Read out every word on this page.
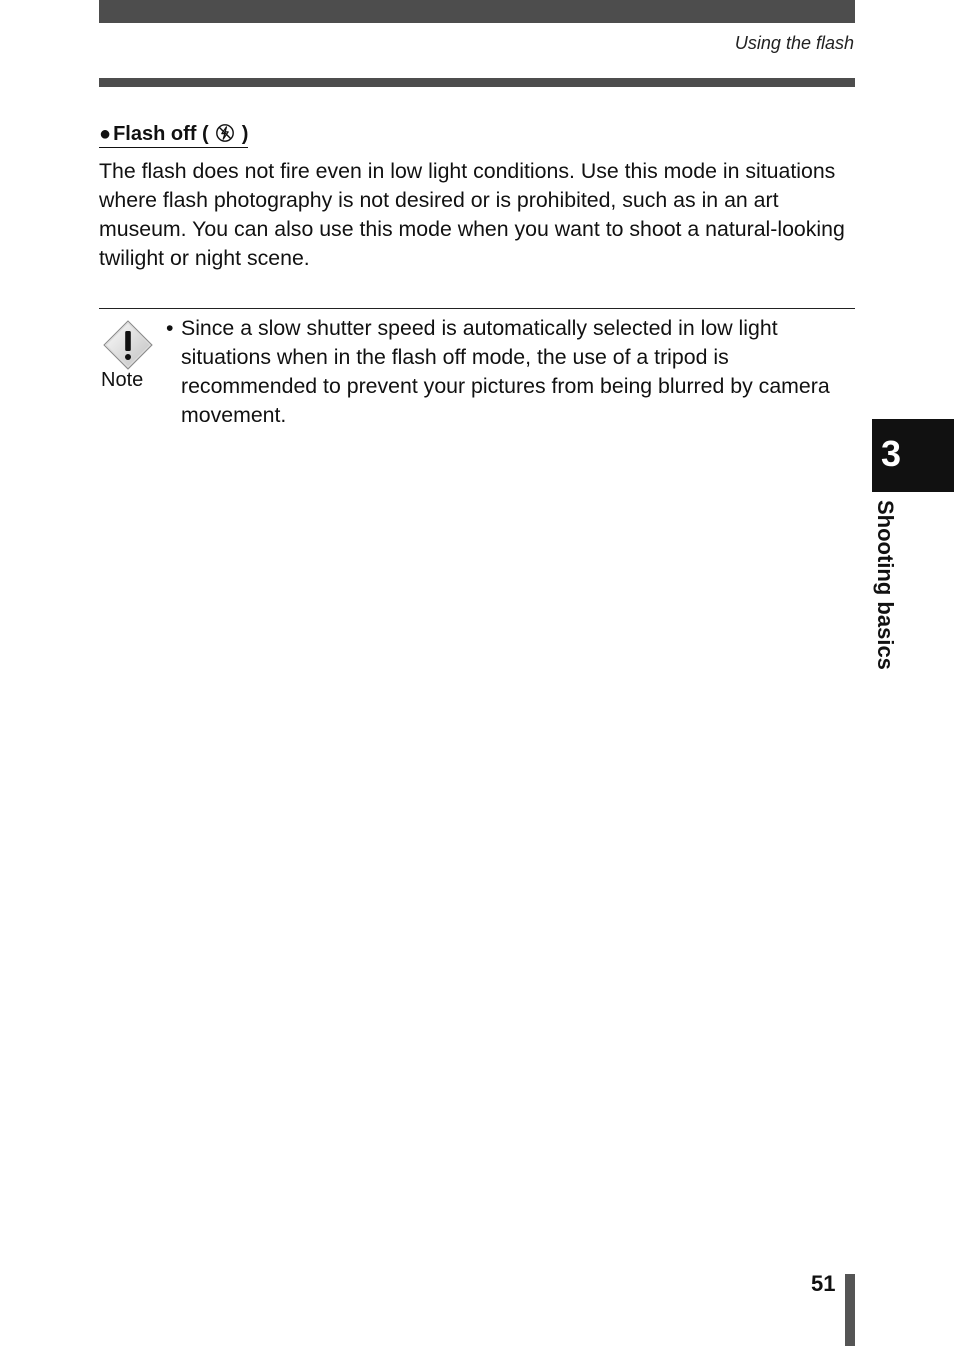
Using the flash
● Flash off ( )

The flash does not fire even in low light conditions. Use this mode in situations where flash photography is not desired or is prohibited, such as in an art museum. You can also use this mode when you want to shoot a natural-looking twilight or night scene.

Note
• Since a slow shutter speed is automatically selected in low light situations when in the flash off mode, the use of a tripod is recommended to prevent your pictures from being blurred by camera movement.
3
Shooting basics
51
